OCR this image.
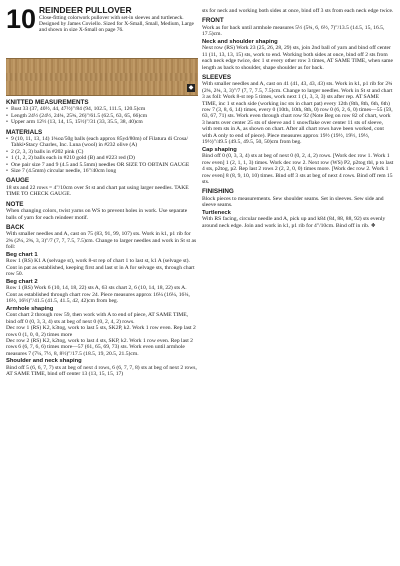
10 REINDEER PULLOVER

Close-fitting colorwork pullover with set-in sleeves and turtleneck. Designed by James Coviello. Sized for X-Small, Small, Medium, Large and shown in size X-Small on page 76.

◆
KNITTED MEASUREMENTS
• Bust 33 (37, 40½, 44, 47½)"/84 (94, 102.5, 111.5, 120.5)cm
• Length 24½ (24½, 24¾, 25¾, 26)"/61.5 (62.5, 63, 65, 66)cm
• Upper arm 12½ (13, 14, 15, 15½)"/31 (33, 35.5, 38, 40)cm
MATERIALS
• 9 (10, 11, 13, 14) 1¾oz/50g balls (each approx 85yd/80m) of Filatura di Crosa/ Tahki•Stacy Charles, Inc. Luna (wool) in #232 olive (A)
• 2 (2, 3, 3) balls in #202 pink (C)
• 1 (1, 2, 2) balls each in #210 gold (B) and #223 red (D)
• One pair size 7 and 9 (4.5 and 5.5mm) needles OR SIZE TO OBTAIN GAUGE
• Size 7 (4.5mm) circular needle, 16"/40cm long
GAUGE

18 sts and 22 rows = 4"/10cm over St st and chart pat using larger needles. TAKE TIME TO CHECK GAUGE.

NOTE

When changing colors, twist yarns on WS to prevent holes in work. Use separate balls of yarn for each reindeer motif.

BACK

With smaller needles and A, cast on 75 (83, 91, 99, 107) sts. Work in k1, p1 rib for 2¾ (2¼, 2¾, 3, 3)"/7 (7, 7, 7.5, 7.5)cm. Change to larger needles and work in St st as foll:

Beg chart 1

Row 1 (RS) K1 A (selvage st), work 8-st rep of chart 1 to last st, k1 A (selvage st). Cont in pat as established, keeping first and last st in A for selvage sts, through chart row 50.

Beg chart 2

Row 1 (RS) Work 6 (10, 14, 18, 22) sts A, 63 sts chart 2, 6 (10, 14, 18, 22) sts A. Cont as established through chart row 24. Piece measures approx 16¼ (16¼, 16¼, 16½, 16½)"/41.5 (41.5, 41.5, 42, 42)cm from beg.

Armhole shaping

Cont chart 2 through row 59, then work with A to end of piece, AT SAME TIME, bind off 0 (0, 3, 3, 4) sts at beg of next 0 (0, 2, 4, 2) rows.

Dec row 1 (RS) K2, k3tog, work to last 5 sts, SK2P, k2. Work 1 row even. Rep last 2 rows 0 (1, 0, 0, 2) times more

Dec row 2 (RS) K2, k2tog, work to last 4 sts, SKP, k2. Work 1 row even. Rep last 2 rows 6 (6, 7, 6, 6) times more—57 (61, 65, 69, 73) sts. Work even until armhole measures 7 (7¼, 7½, 8, 8½)"/17.5 (18.5, 19, 20.5, 21.5)cm.

Shoulder and neck shaping

Bind off 5 (6, 6, 7, 7) sts at beg of next 4 rows, 6 (6, 7, 7, 8) sts at beg of next 2 rows, AT SAME TIME, bind off center 13 (13, 15, 15, 17)

sts for neck and working both sides at once, bind off 3 sts from each neck edge twice.

FRONT

Work as for back until armhole measures 5½ (5¾, 6, 6½, 7)"/13.5 (14.5, 15, 16.5, 17.5)cm.

Neck and shoulder shaping

Next row (RS) Work 23 (25, 26, 28, 29) sts, join 2nd ball of yarn and bind off center 11 (11, 13, 13, 15) sts, work to end. Working both sides at once, bind off 2 sts from each neck edge twice, dec 1 st every other row 3 times, AT SAME TIME, when same length as back to shoulder, shape shoulder as for back.

SLEEVES

With smaller needles and A, cast on 41 (41, 43, 43, 43) sts. Work in k1, p1 rib for 2¾ (2¾, 2¾, 3, 3)"/7 (7, 7, 7.5, 7.5)cm. Change to larger needles. Work in St st and chart 3 as foll: Work 8-st rep 5 times, work next 1 (1, 3, 3, 3) sts after rep. AT SAME TIME, inc 1 st each side (working inc sts in chart pat) every 12th (8th, 8th, 6th, 6th) row 7 (3, 8, 6, 14) times, every 0 (10th, 10th, 8th, 0) row 0 (6, 2, 6, 0) times—55 (59, 63, 67, 71) sts. Work even through chart row 92 (Note Beg on row 82 of chart, work 3 hearts over center 25 sts of sleeve and 1 snowflake over center 11 sts of sleeve, with rem sts in A, as shown on chart. After all chart rows have been worked, cont with A only to end of piece). Piece measures approx 19½ (19½, 19½, 19½, 19½)"/49.5 (49.5, 49.5, 50, 50)cm from beg.

Cap shaping

Bind off 0 (0, 3, 3, 4) sts at beg of next 0 (0, 2, 4, 2) rows. [Work dec row 1. Work 1 row even] 1 (2, 1, 1, 3) times. Work dec row 2. Next row (WS) P2, p2tog tbl, p to last 4 sts, p2tog, p2. Rep last 2 rows 2 (2, 2, 0, 0) times more. [Work dec row 2. Work 1 row even] 8 (8, 9, 10, 10) times. Bind off 3 sts at beg of next 4 rows. Bind off rem 15 sts.

FINISHING

Block pieces to measurements. Sew shoulder seams. Set in sleeves. Sew side and sleeve seams.

Turtleneck

With RS facing, circular needle and A, pick up and k84 (84, 88, 88, 92) sts evenly around neck edge. Join and work in k1, p1 rib for 4"/10cm. Bind off in rib. ❖
